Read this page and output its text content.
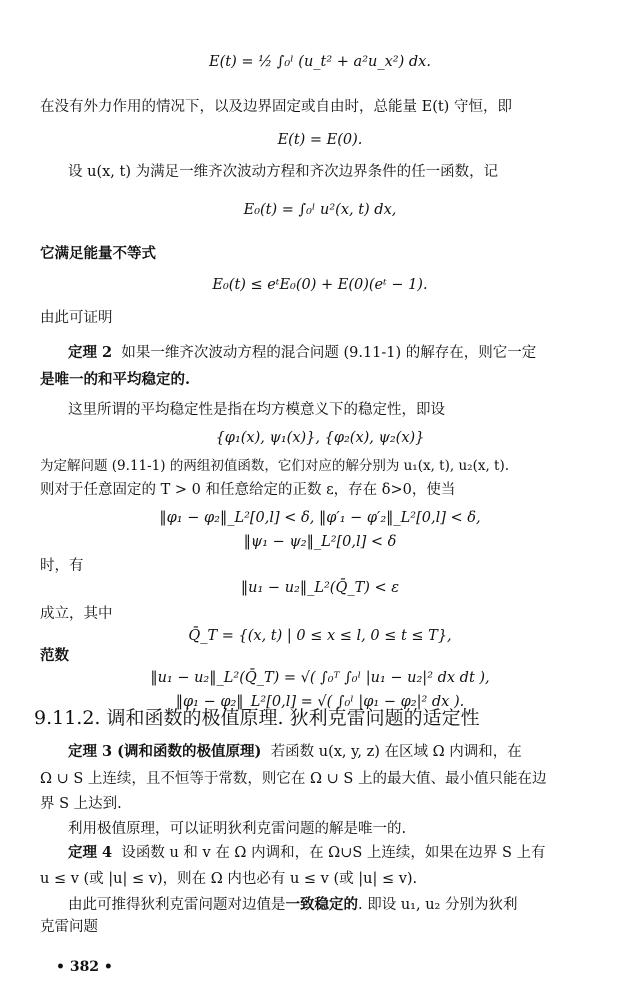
E(t) = ½ ∫₀ˡ (u_t² + a²u_x²) dx.
在没有外力作用的情况下，以及边界固定或自由时，总能量 E(t) 守恒，即
E(t) = E(0).
设 u(x, t) 为满足一维齐次波动方程和齐次边界条件的任一函数，记
E₀(t) = ∫₀ˡ u²(x, t) dx,
它满足能量不等式
E₀(t) ≤ eᵗE₀(0) + E(0)(eᵗ − 1).
由此可证明
定理 2 如果一维齐次波动方程的混合问题 (9.11-1) 的解存在，则它一定
是唯一的和平均稳定的.
这里所谓的平均稳定性是指在均方模意义下的稳定性，即设
{φ₁(x), ψ₁(x)}, {φ₂(x), ψ₂(x)}
为定解问题 (9.11-1) 的两组初值函数，它们对应的解分别为 u₁(x, t), u₂(x, t).
则对于任意固定的 T > 0 和任意给定的正数 ε，存在 δ>0，使当
‖φ₁ − φ₂‖_L²[0,l] < δ, ‖φ′₁ − φ′₂‖_L²[0,l] < δ,
‖ψ₁ − ψ₂‖_L²[0,l] < δ
时，有
‖u₁ − u₂‖_L²(Q̄_T) < ε
成立，其中
Q̄_T = {(x, t) | 0 ≤ x ≤ l, 0 ≤ t ≤ T},
范数
‖u₁ − u₂‖_L²(Q̄_T) = √( ∫₀ᵀ ∫₀ˡ |u₁ − u₂|² dx dt ),
‖φ₁ − φ₂‖_L²[0,l] = √( ∫₀ˡ |φ₁ − φ₂|² dx ).
9.11.2. 调和函数的极值原理. 狄利克雷问题的适定性
定理 3 (调和函数的极值原理) 若函数 u(x, y, z) 在区域 Ω 内调和，在
Ω ∪ S 上连续，且不恒等于常数，则它在 Ω ∪ S 上的最大值、最小值只能在边
界 S 上达到.
利用极值原理，可以证明狄利克雷问题的解是唯一的.
定理 4 设函数 u 和 v 在 Ω 内调和，在 Ω∪S 上连续，如果在边界 S 上有
u ≤ v (或 |u| ≤ v)，则在 Ω 内也必有 u ≤ v (或 |u| ≤ v).
由此可推得狄利克雷问题对边值是一致稳定的. 即设 u₁, u₂ 分别为狄利
克雷问题
• 382 •
